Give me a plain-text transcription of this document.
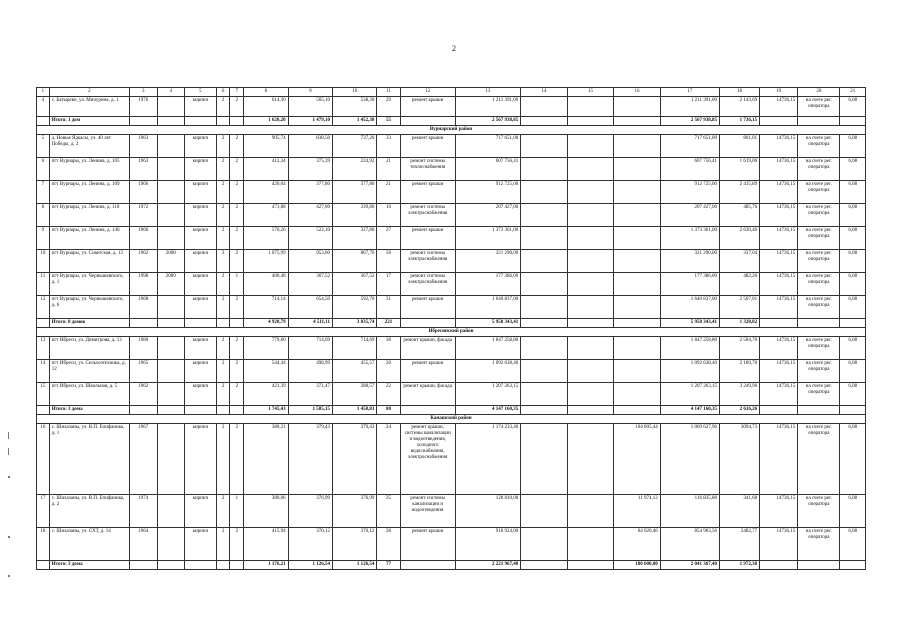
2
1	2	3	4	5	6	7	8	9	10	11	12	13	14	15	16	17	18	19	20	21
4	с. Батырево, ул. Мичурина, д. 1	1976		кирпич	2	2	614,30	565,10	538,30	29	ремонт крыши	1 211 391,00				1 211 391,00	2 143,69	14736,15	на счете рег. оператора	6,08
	Итого: 1 дом						1 620,20	1 479,10	1 452,30	55		2 567 938,85				2 567 938,85	1 736,15			
Вурнарский район																				
5	д. Новые Ядкасы, ул. 40 лет Победы, д. 2	1963		кирпич	2	2	905,74	838,50	737,20	33	ремонт крыши	717 651,00				717 651,00	861,01	14736,15	на счете рег. оператора	6,08
6	пгт Вурнары, ул. Ленина, д. 105	1963		кирпич	2	2	412,34	375,39	224,92	21	ремонт системы теплоснабжения	607 756,41				607 756,41	1 619,00	14736,15	на счете рег. оператора	6,08
7	пгт Вурнары, ул. Ленина, д. 109	1966		кирпич	2	2	420,04	377,80	377,80	21	ремонт крыши	912 725,00				912 725,00	2 415,89	14736,15	на счете рег. оператора	6,08
8	пгт Вурнары, ул. Ленина, д. 118	1972		кирпич	2	2	471,88	427,00	339,80	16	ремонт системы электроснабжения	207 427,00				207 427,00	485,76	14736,15	на счете рег. оператора	6,08
9	пгт Вурнары, ул. Ленина, д. 140	1966		кирпич	2	2	570,26	522,10	327,80	27	ремонт крыши	1 373 361,00				1 373 361,00	2 630,46	14736,15	на счете рег. оператора	6,08
10	пгт Вурнары, ул. Советская, д. 13	1962	2008	кирпич	3	2	1 075,99	953,00	867,70	56	ремонт системы электроснабжения	321 290,00				321 290,00	337,04	14736,15	на счете рег. оператора	6,08
11	пгт Вурнары, ул. Чернышевского, д. 1	1998	2009	кирпич	2	1	400,48	367,52	367,52	17	ремонт системы электроснабжения	177 386,00				177 386,00	482,26	14736,15	на счете рег. оператора	6,08
12	пгт Вурнары, ул. Чернышевского, д. 6	1968		кирпич	2	2	714,14	654,50	592,70	31	ремонт крыши	1 640 837,00				1 640 837,00	2 507,01	14736,15	на счете рег. оператора	6,08
	Итого: 8 домов						4 920,79	4 511,11	3 835,74	221		5 958 343,41				5 958 343,41	1 320,82			
Ибресинский район																				
13	пгт Ибреси, ул. Димитрова, д. 13	1980		кирпич	2	2	779,60	714,69	714,69	38	ремонт крыши, фасада	1 847 258,80				1 847 258,80	2 584,70	14736,15	на счете рег. оператора	6,08
14	пгт Ибреси, ул. Сельхозтехника, д. 12	1965		кирпич	2	2	544,44	498,99	455,57	20	ремонт крыши	1 092 638,40				1 092 638,40	2 189,70	14736,15	на счете рег. оператора	6,08
15	пгт Ибреси, ул. Школьная, д. 5	1962		кирпич	2	2	421,39	371,47	288,57	22	ремонт крыши, фасада	1 207 263,15				1 207 263,15	3 249,96	14736,15	на счете рег. оператора	6,08
	Итого: 3 дома						1 745,43	1 585,15	1 458,83	80		4 147 160,35				4 147 160,35	2 616,26			
Канашский район																				
16	с. Шихазаны, ул. В.П. Епифанова, д. 1	1967		кирпич	2	2	380,21	379,43	379,43	24	ремонт крыши, системы канализации и водоотведения, холодного водоснабжения, электроснабжения	1 174 233,40			104 605,44	1 069 627,96	3094,73	14736,15	на счете рег. оператора	6,08
17	с. Шихазаны, ул. В.П. Епифанова, д. 2	1974		кирпич	2	1	380,06	376,99	376,99	25	ремонт системы канализации и водоотведения	128 810,00			11 974,12	116 835,88	341,68	14736,15	на счете рег. оператора	6,08
18	с. Шихазаны, ул. СХТ, д. 14	1964		кирпич	2	2	415,94	370,12	370,12	28	ремонт крыши	918 924,00			64 020,46	854 903,56	2482,77	14736,15	на счете рег. оператора	6,08
	Итого: 3 дома						1 176,21	1 126,54	1 126,54	77		2 221 967,40			180 600,00	2 041 367,40	1 972,38			
